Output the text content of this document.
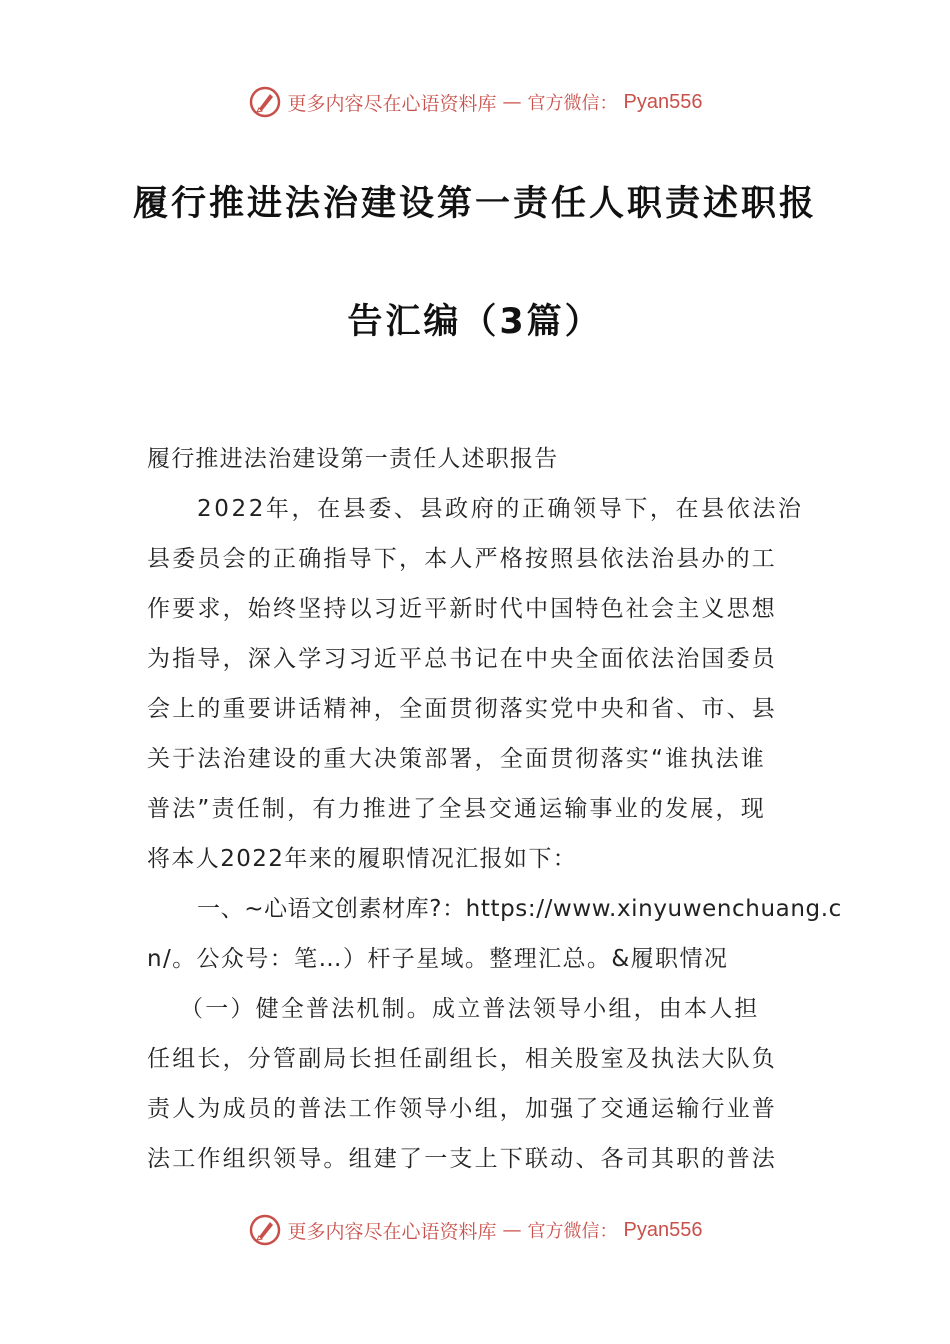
更多内容尽在心语资料库 — 官方微信： Pyan556
履行推进法治建设第一责任人职责述职报
告汇编（3篇）
履行推进法治建设第一责任人述职报告
2022年，在县委、县政府的正确领导下，在县依法治
县委员会的正确指导下，本人严格按照县依法治县办的工
作要求，始终坚持以习近平新时代中国特色社会主义思想
为指导，深入学习习近平总书记在中央全面依法治国委员
会上的重要讲话精神，全面贯彻落实党中央和省、市、县
关于法治建设的重大决策部署，全面贯彻落实“谁执法谁
普法”责任制，有力推进了全县交通运输事业的发展，现
将本人2022年来的履职情况汇报如下：
一、~心语文创素材库?：https://www.xinyuwenchuang.c
n/。公众号：笔…）杆子星域。整理汇总。&履职情况
（一）健全普法机制。成立普法领导小组，由本人担
任组长，分管副局长担任副组长，相关股室及执法大队负
责人为成员的普法工作领导小组，加强了交通运输行业普
法工作组织领导。组建了一支上下联动、各司其职的普法
更多内容尽在心语资料库 — 官方微信： Pyan556
